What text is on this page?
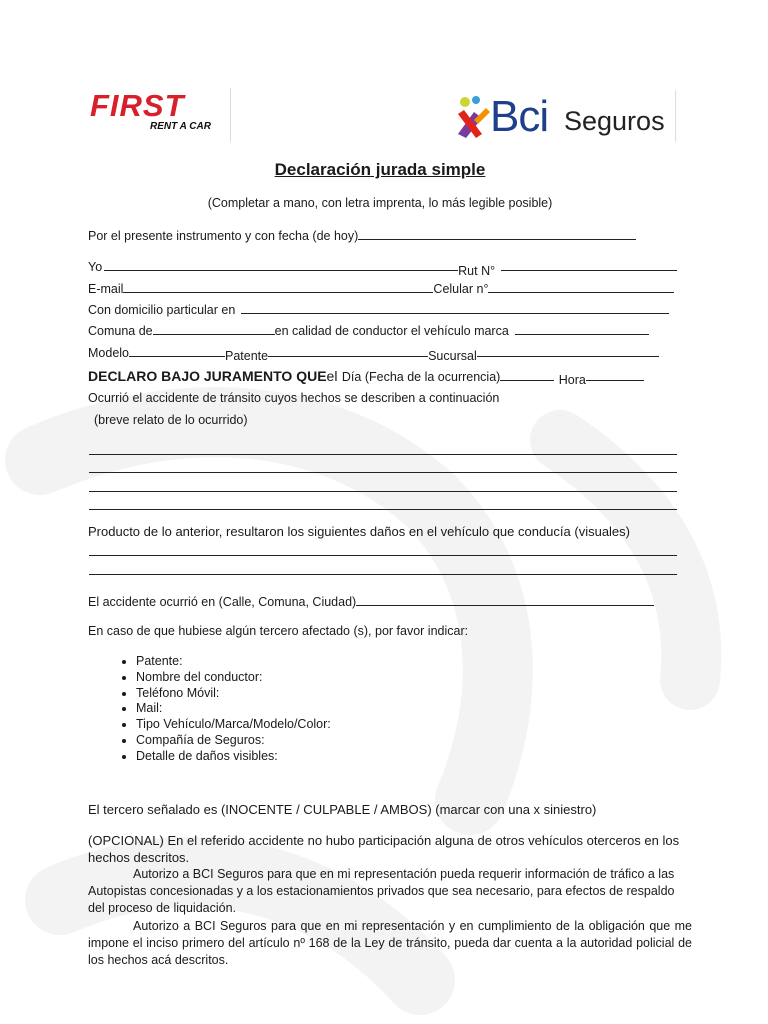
FIRST
RENT A CAR	Bci Seguros
Declaración jurada simple
(Completar a mano, con letra imprenta, lo más legible posible)
Por el presente instrumento y con fecha (de hoy)
Yo	Rut N°
E-mail	Celular n°
Con domicilio particular en
Comuna de	en calidad de conductor el vehículo marca
Modelo	Patente	Sucursal
DECLARO BAJO JURAMENTO QUEel Día (Fecha de la ocurrencia)	Hora
Ocurrió el accidente de tránsito cuyos hechos se describen a continuación
(breve relato de lo ocurrido)
Producto de lo anterior, resultaron los siguientes daños en el vehículo que conducía (visuales)
El accidente ocurrió en (Calle, Comuna, Ciudad)
En caso de que hubiese algún tercero afectado (s), por favor indicar:
• Patente:
• Nombre del conductor:
• Teléfono Móvil:
• Mail:
• Tipo Vehículo/Marca/Modelo/Color:
• Compañía de Seguros:
• Detalle de daños visibles:
El tercero señalado es (INOCENTE / CULPABLE / AMBOS) (marcar con una x siniestro)
(OPCIONAL) En el referido accidente no hubo participación alguna de otros vehículos oterceros en los hechos descritos.
Autorizo a BCI Seguros para que en mi representación pueda requerir información de tráfico a las Autopistas concesionadas y a los estacionamientos privados que sea necesario, para efectos de respaldo del proceso de liquidación.
Autorizo a BCI Seguros para que en mi representación y en cumplimiento de la obligación que me impone el inciso primero del artículo nº 168 de la Ley de tránsito, pueda dar cuenta a la autoridad policial de los hechos acá descritos.
